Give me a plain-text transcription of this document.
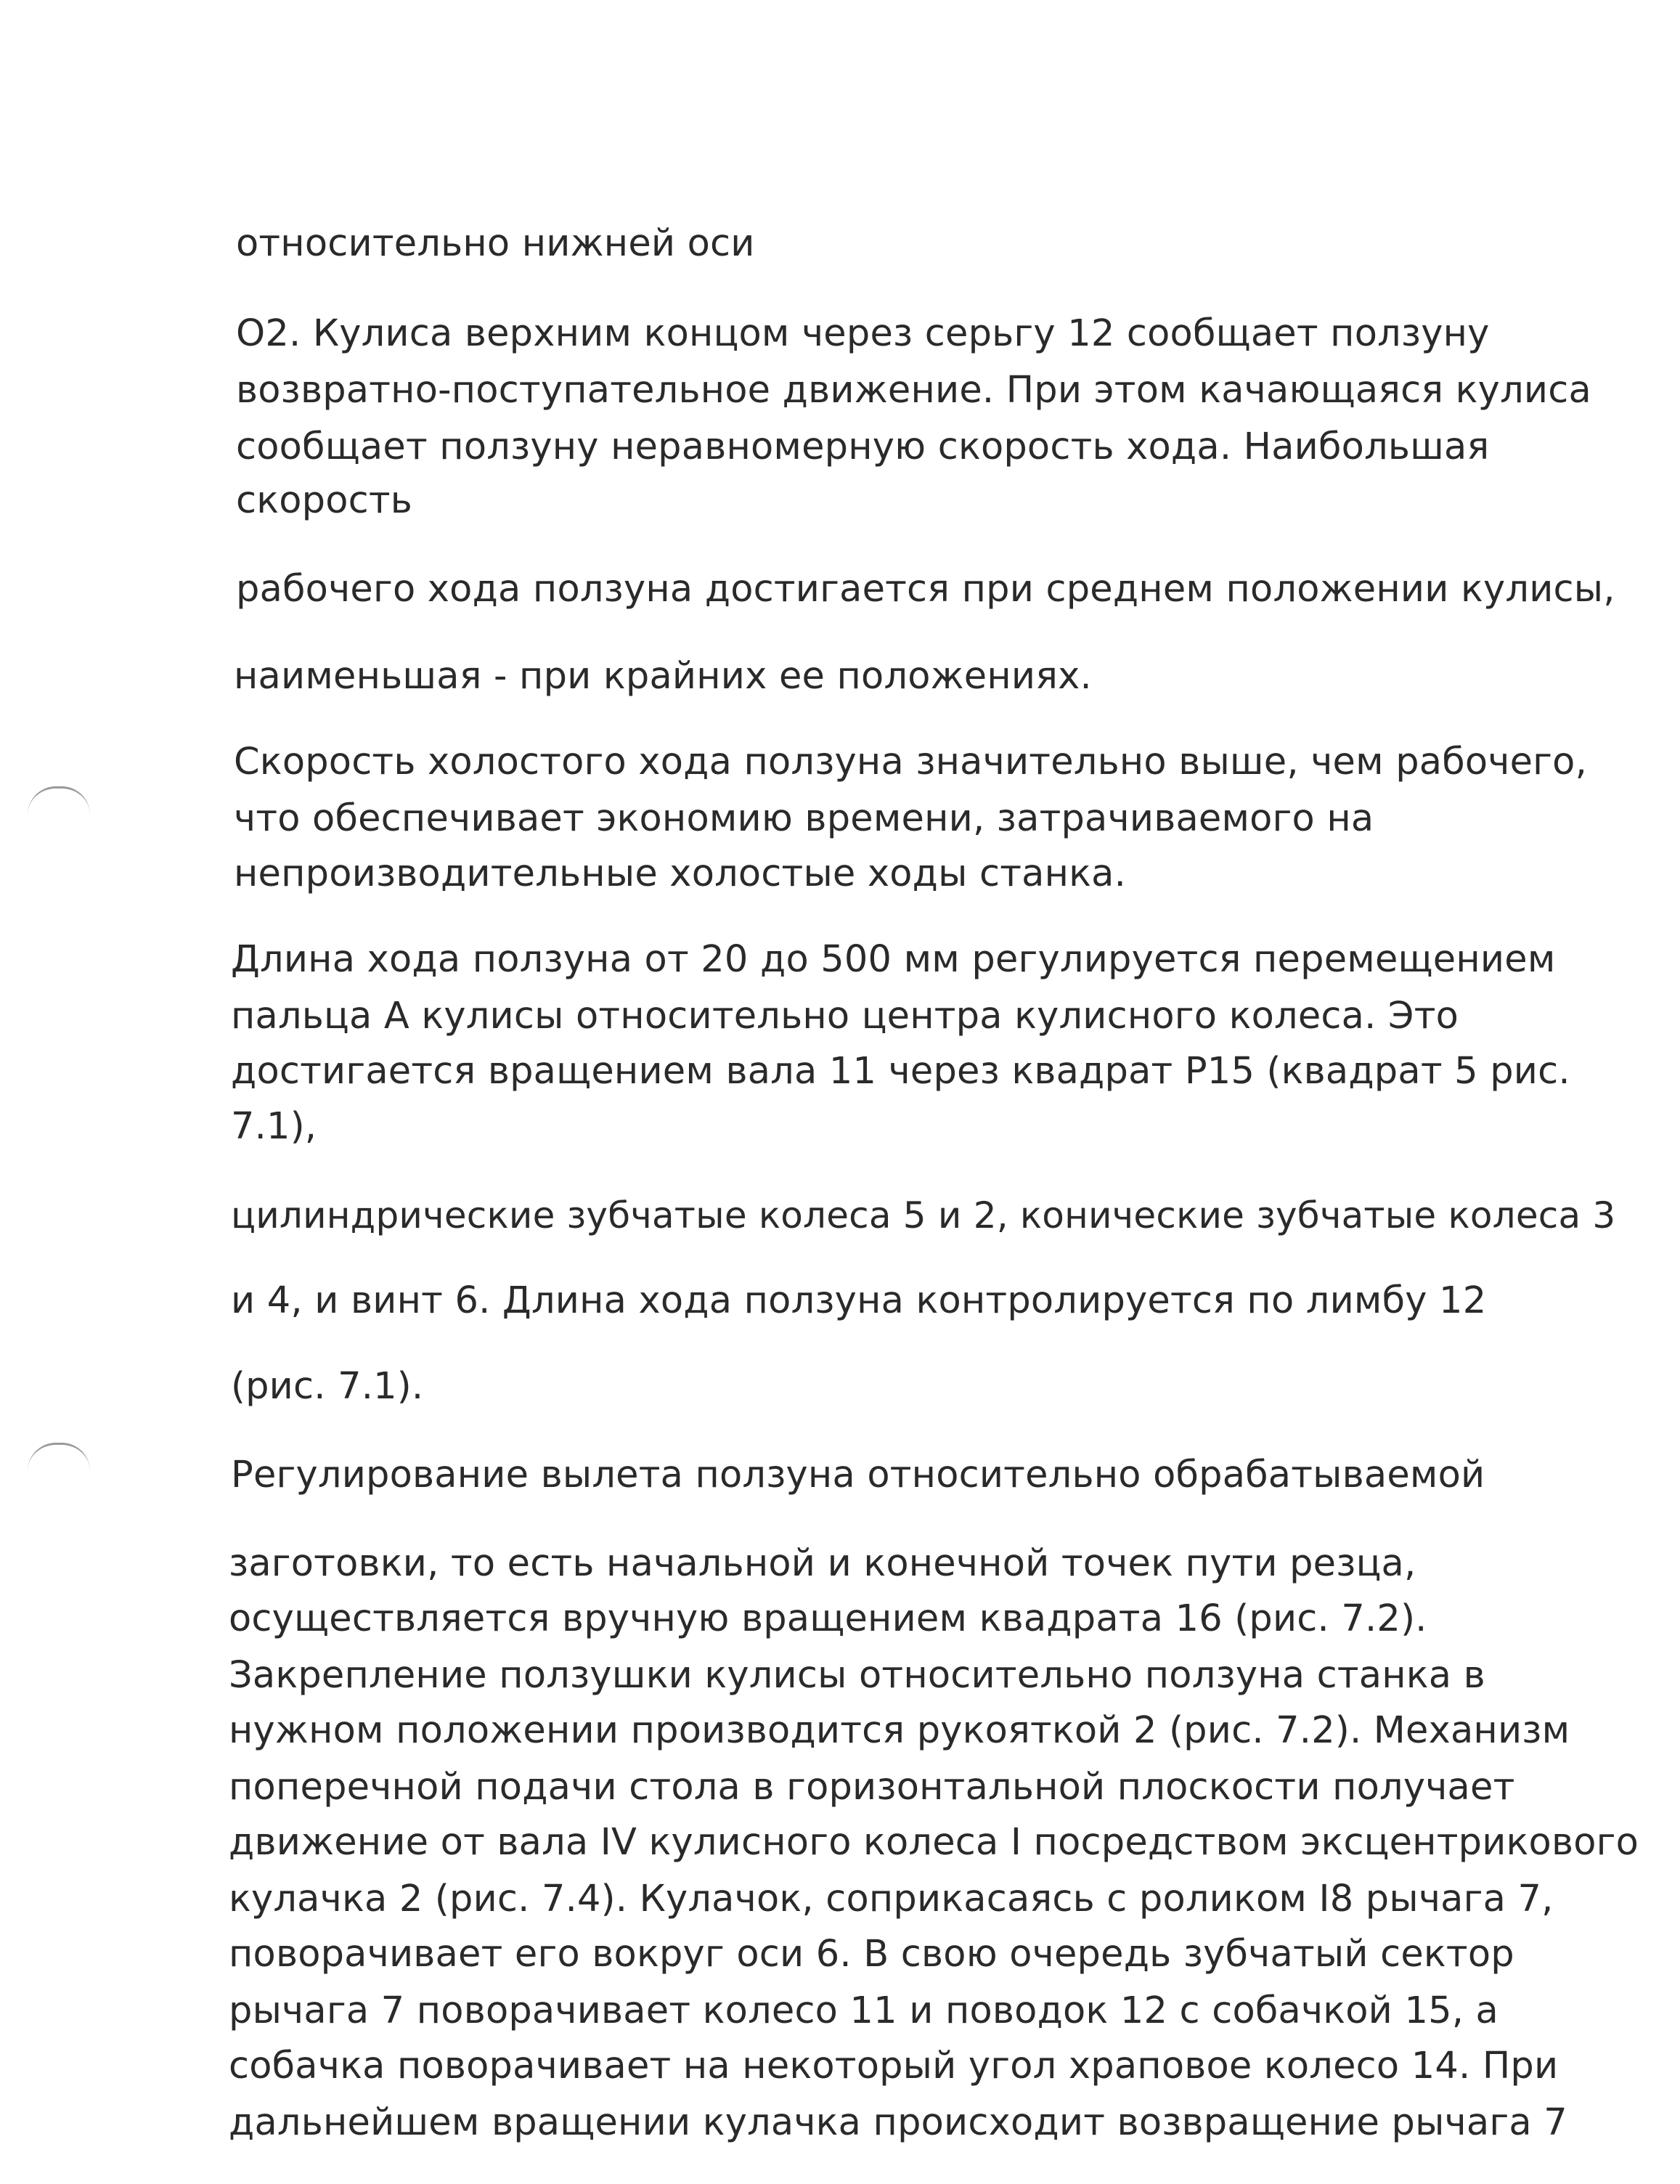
относительно нижней оси
О2. Кулиса верхним концом через серьгу 12 сообщает ползуну
возвратно-поступательное движение. При этом качающаяся кулиса
сообщает ползуну неравномерную скорость хода. Наибольшая
скорость
рабочего хода ползуна достигается при среднем положении кулисы,
наименьшая - при крайних ее положениях.
Скорость холостого хода ползуна значительно выше, чем рабочего,
что обеспечивает экономию времени, затрачиваемого на
непроизводительные холостые ходы станка.
Длина хода ползуна от 20 до 500 мм регулируется перемещением
пальца А кулисы относительно центра кулисного колеса. Это
достигается вращением вала 11 через квадрат Р15 (квадрат 5 рис.
7.1),
цилиндрические зубчатые колеса 5 и 2, конические зубчатые колеса 3
и 4, и винт 6. Длина хода ползуна контролируется по лимбу 12
(рис. 7.1).
Регулирование вылета ползуна относительно обрабатываемой
заготовки, то есть начальной и конечной точек пути резца,
осуществляется вручную вращением квадрата 16 (рис. 7.2).
Закрепление ползушки кулисы относительно ползуна станка в
нужном положении производится рукояткой 2 (рис. 7.2). Механизм
поперечной подачи стола в горизонтальной плоскости получает
движение от вала IV кулисного колеса I посредством эксцентрикового
кулачка 2 (рис. 7.4). Кулачок, соприкасаясь с роликом I8 рычага 7,
поворачивает его вокруг оси 6. В свою очередь зубчатый сектор
рычага 7 поворачивает колесо 11 и поводок 12 с собачкой 15, а
собачка поворачивает на некоторый угол храповое колесо 14. При
дальнейшем вращении кулачка происходит возвращение рычага 7
